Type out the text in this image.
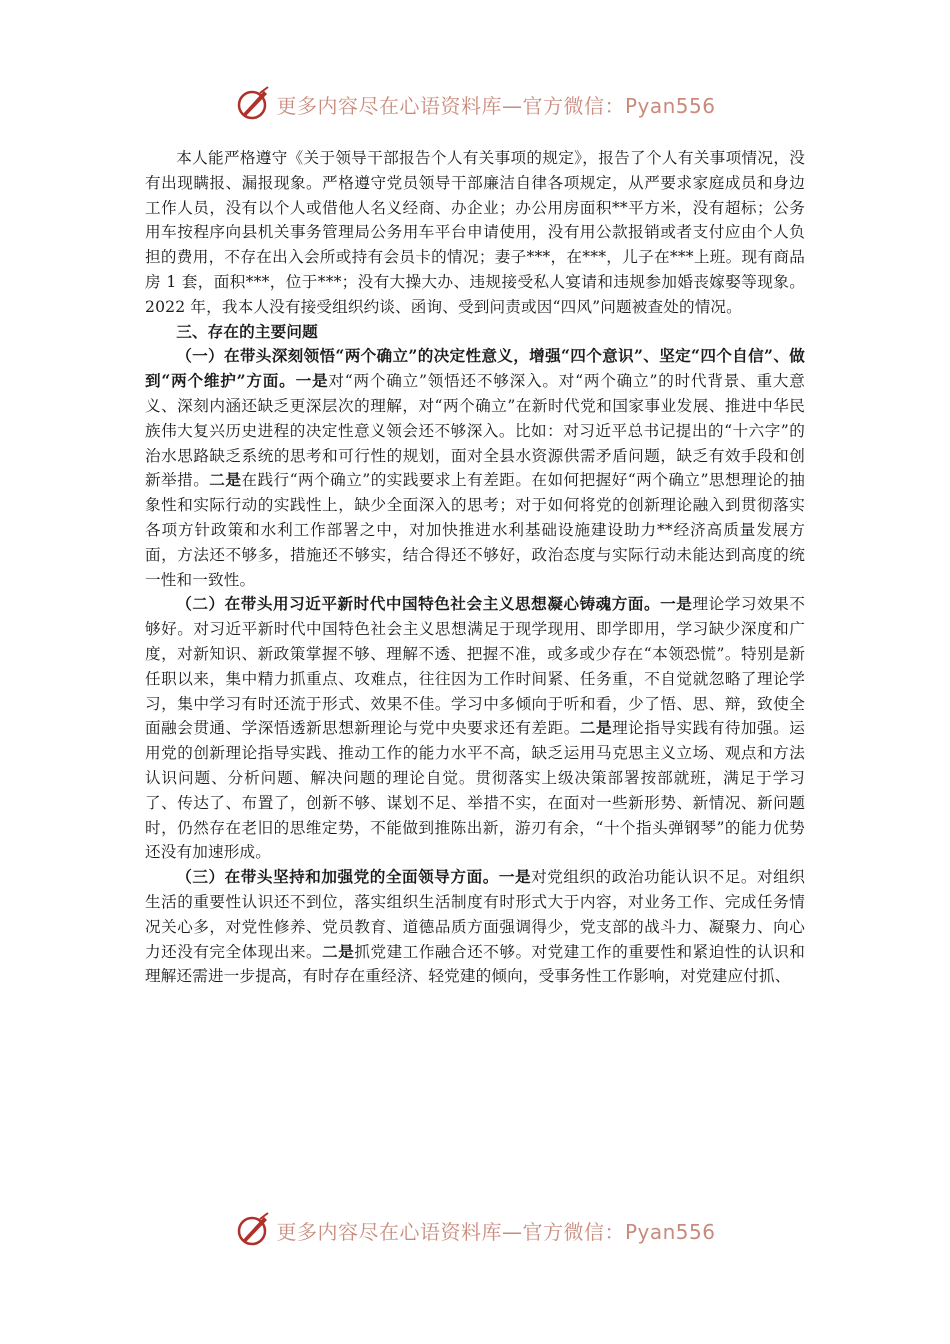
更多内容尽在心语资料库—官方微信：Pyan556

本人能严格遵守《关于领导干部报告个人有关事项的规定》，报告了个人有关事项情况，没有出现瞒报、漏报现象。严格遵守党员领导干部廉洁自律各项规定，从严要求家庭成员和身边工作人员，没有以个人或借他人名义经商、办企业；办公用房面积**平方米，没有超标；公务用车按程序向县机关事务管理局公务用车平台申请使用，没有用公款报销或者支付应由个人负担的费用，不存在出入会所或持有会员卡的情况；妻子***，在***，儿子在***上班。现有商品房 1 套，面积***，位于***；没有大操大办、违规接受私人宴请和违规参加婚丧嫁娶等现象。2022 年，我本人没有接受组织约谈、函询、受到问责或因“四风”问题被查处的情况。

三、存在的主要问题

（一）在带头深刻领悟“两个确立”的决定性意义，增强“四个意识”、坚定“四个自信”、做到“两个维护”方面。一是对“两个确立”领悟还不够深入。对“两个确立”的时代背景、重大意义、深刻内涵还缺乏更深层次的理解，对“两个确立”在新时代党和国家事业发展、推进中华民族伟大复兴历史进程的决定性意义领会还不够深入。比如：对习近平总书记提出的“十六字”的治水思路缺乏系统的思考和可行性的规划，面对全县水资源供需矛盾问题，缺乏有效手段和创新举措。二是在践行“两个确立”的实践要求上有差距。在如何把握好“两个确立”思想理论的抽象性和实际行动的实践性上，缺少全面深入的思考；对于如何将党的创新理论融入到贯彻落实各项方针政策和水利工作部署之中，对加快推进水利基础设施建设助力**经济高质量发展方面，方法还不够多，措施还不够实，结合得还不够好，政治态度与实际行动未能达到高度的统一性和一致性。

（二）在带头用习近平新时代中国特色社会主义思想凝心铸魂方面。一是理论学习效果不够好。对习近平新时代中国特色社会主义思想满足于现学现用、即学即用，学习缺少深度和广度，对新知识、新政策掌握不够、理解不透、把握不准，或多或少存在“本领恐慌”。特别是新任职以来，集中精力抓重点、攻难点，往往因为工作时间紧、任务重，不自觉就忽略了理论学习，集中学习有时还流于形式、效果不佳。学习中多倾向于听和看，少了悟、思、辩，致使全面融会贯通、学深悟透新思想新理论与党中央要求还有差距。二是理论指导实践有待加强。运用党的创新理论指导实践、推动工作的能力水平不高，缺乏运用马克思主义立场、观点和方法认识问题、分析问题、解决问题的理论自觉。贯彻落实上级决策部署按部就班，满足于学习了、传达了、布置了，创新不够、谋划不足、举措不实，在面对一些新形势、新情况、新问题时，仍然存在老旧的思维定势，不能做到推陈出新，游刃有余，“十个指头弹钢琴”的能力优势还没有加速形成。

（三）在带头坚持和加强党的全面领导方面。一是对党组织的政治功能认识不足。对组织生活的重要性认识还不到位，落实组织生活制度有时形式大于内容，对业务工作、完成任务情况关心多，对党性修养、党员教育、道德品质方面强调得少，党支部的战斗力、凝聚力、向心力还没有完全体现出来。二是抓党建工作融合还不够。对党建工作的重要性和紧迫性的认识和理解还需进一步提高，有时存在重经济、轻党建的倾向，受事务性工作影响，对党建应付抓、

更多内容尽在心语资料库—官方微信：Pyan556
